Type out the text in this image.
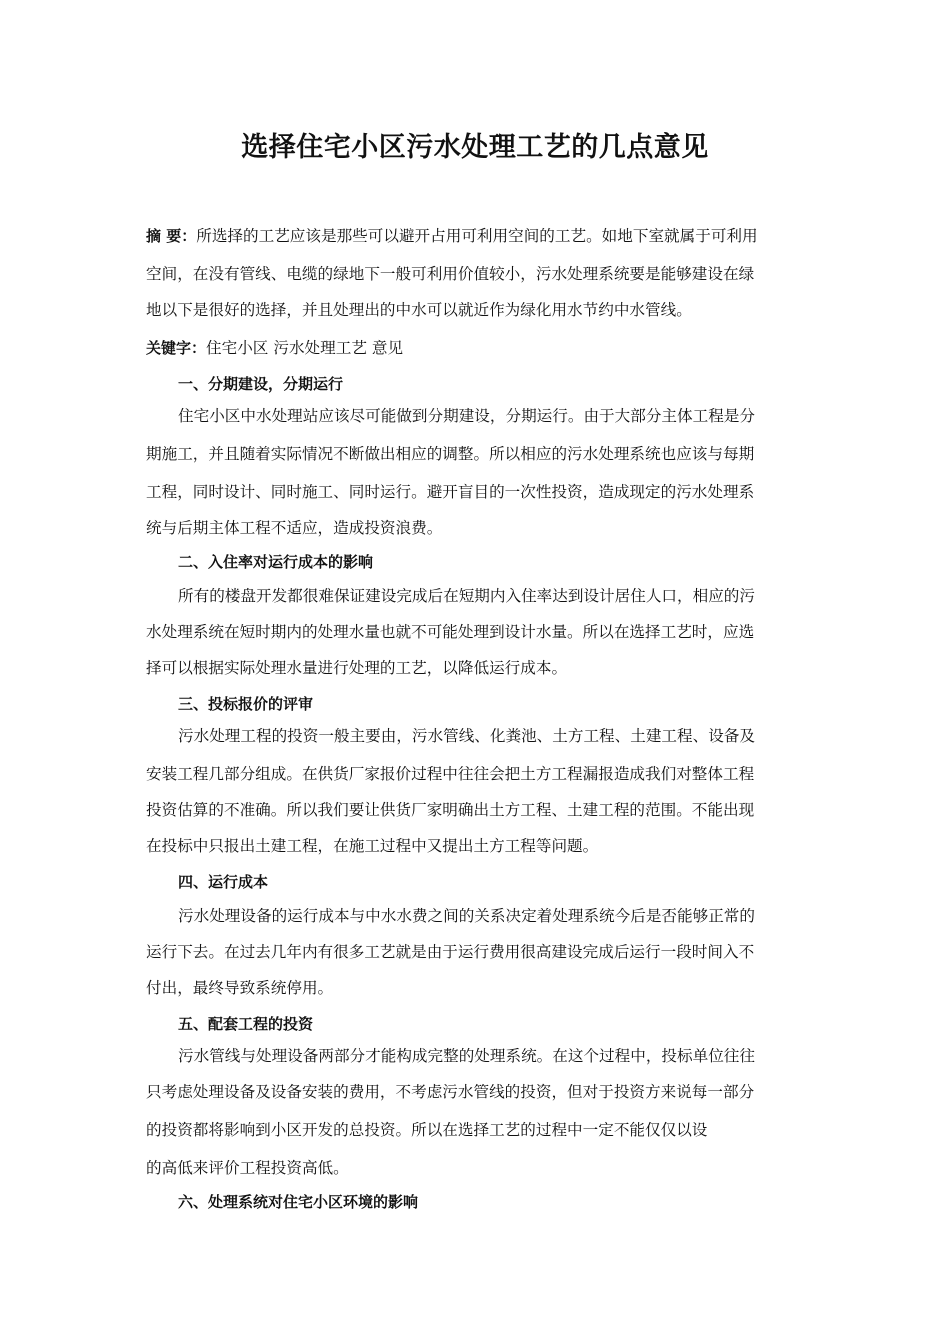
选择住宅小区污水处理工艺的几点意见
摘 要：所选择的工艺应该是那些可以避开占用可利用空间的工艺。如地下室就属于可利用
空间，在没有管线、电缆的绿地下一般可利用价值较小，污水处理系统要是能够建设在绿
地以下是很好的选择，并且处理出的中水可以就近作为绿化用水节约中水管线。
关键字：住宅小区 污水处理工艺 意见
一、分期建设，分期运行
住宅小区中水处理站应该尽可能做到分期建设，分期运行。由于大部分主体工程是分
期施工，并且随着实际情况不断做出相应的调整。所以相应的污水处理系统也应该与每期
工程，同时设计、同时施工、同时运行。避开盲目的一次性投资，造成现定的污水处理系
统与后期主体工程不适应，造成投资浪费。
二、入住率对运行成本的影响
所有的楼盘开发都很难保证建设完成后在短期内入住率达到设计居住人口，相应的污
水处理系统在短时期内的处理水量也就不可能处理到设计水量。所以在选择工艺时，应选
择可以根据实际处理水量进行处理的工艺，以降低运行成本。
三、投标报价的评审
污水处理工程的投资一般主要由，污水管线、化粪池、土方工程、土建工程、设备及
安装工程几部分组成。在供货厂家报价过程中往往会把土方工程漏报造成我们对整体工程
投资估算的不准确。所以我们要让供货厂家明确出土方工程、土建工程的范围。不能出现
在投标中只报出土建工程，在施工过程中又提出土方工程等问题。
四、运行成本
污水处理设备的运行成本与中水水费之间的关系决定着处理系统今后是否能够正常的
运行下去。在过去几年内有很多工艺就是由于运行费用很高建设完成后运行一段时间入不
付出，最终导致系统停用。
五、配套工程的投资
污水管线与处理设备两部分才能构成完整的处理系统。在这个过程中，投标单位往往
只考虑处理设备及设备安装的费用，不考虑污水管线的投资，但对于投资方来说每一部分
的投资都将影响到小区开发的总投资。所以在选择工艺的过程中一定不能仅仅以设
的高低来评价工程投资高低。
六、处理系统对住宅小区环境的影响
